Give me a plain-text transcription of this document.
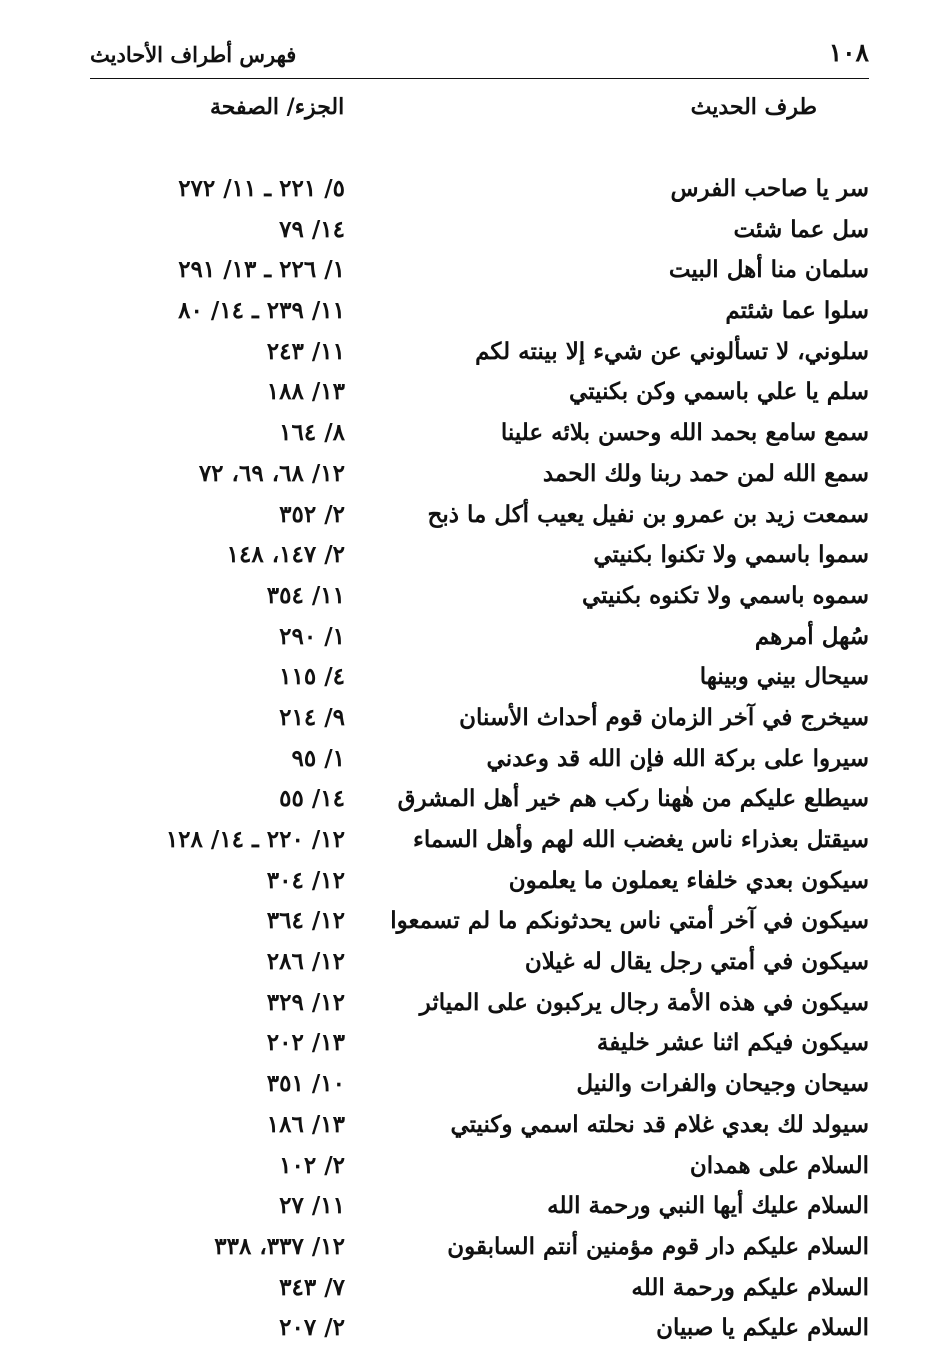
١٠٨
فهرس أطراف الأحاديث
طرف الحديث
الجزء/ الصفحة
سر يا صاحب الفرس
٥/ ٢٢١ ـ ١١/ ٢٧٢
سل عما شئت
١٤/ ٧٩
سلمان منا أهل البيت
١/ ٢٢٦ ـ ١٣/ ٢٩١
سلوا عما شئتم
١١/ ٢٣٩ ـ ١٤/ ٨٠
سلوني، لا تسألوني عن شيء إلا بينته لكم
١١/ ٢٤٣
سلم يا علي باسمي وكن بكنيتي
١٣/ ١٨٨
سمع سامع بحمد الله وحسن بلائه علينا
٨/ ١٦٤
سمع الله لمن حمد ربنا ولك الحمد
١٢/ ٦٨، ٦٩، ٧٢
سمعت زيد بن عمرو بن نفيل يعيب أكل ما ذبح
٢/ ٣٥٢
سموا باسمي ولا تكنوا بكنيتي
٢/ ١٤٧، ١٤٨
سموه باسمي ولا تكنوه بكنيتي
١١/ ٣٥٤
سُهل أمرهم
١/ ٢٩٠
سيحال بيني وبينها
٤/ ١١٥
سيخرج في آخر الزمان قوم أحداث الأسنان
٩/ ٢١٤
سيروا على بركة الله فإن الله قد وعدني
١/ ٩٥
سيطلع عليكم من هٰهنا ركب هم خير أهل المشرق
١٤/ ٥٥
سيقتل بعذراء ناس يغضب الله لهم وأهل السماء
١٢/ ٢٢٠ ـ ١٤/ ١٢٨
سيكون بعدي خلفاء يعملون ما يعلمون
١٢/ ٣٠٤
سيكون في آخر أمتي ناس يحدثونكم ما لم تسمعوا
١٢/ ٣٦٤
سيكون في أمتي رجل يقال له غيلان
١٢/ ٢٨٦
سيكون في هذه الأمة رجال يركبون على المياثر
١٢/ ٣٢٩
سيكون فيكم اثنا عشر خليفة
١٣/ ٢٠٢
سيحان وجيحان والفرات والنيل
١٠/ ٣٥١
سيولد لك بعدي غلام قد نحلته اسمي وكنيتي
١٣/ ١٨٦
السلام على همدان
٢/ ١٠٢
السلام عليك أيها النبي ورحمة الله
١١/ ٢٧
السلام عليكم دار قوم مؤمنين أنتم السابقون
١٢/ ٣٣٧، ٣٣٨
السلام عليكم ورحمة الله
٧/ ٣٤٣
السلام عليكم يا صبيان
٢/ ٢٠٧
